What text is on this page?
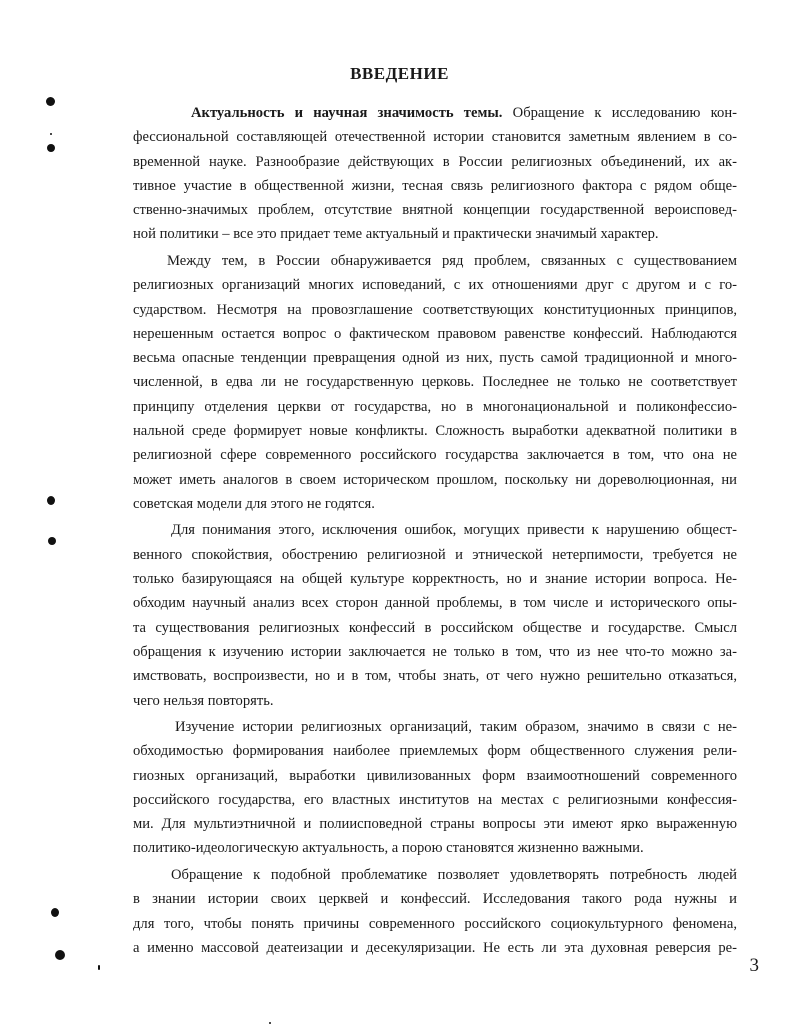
ВВЕДЕНИЕ
Актуальность и научная значимость темы. Обращение к исследованию кон-
фессиональной составляющей отечественной истории становится заметным явлением в со-
временной науке. Разнообразие действующих в России религиозных объединений, их ак-
тивное участие в общественной жизни, тесная связь религиозного фактора с рядом обще-
ственно-значимых проблем, отсутствие внятной концепции государственной вероисповед-
ной политики – все это придает теме актуальный и практически значимый характер.
Между тем, в России обнаруживается ряд проблем, связанных с существованием
религиозных организаций многих исповеданий, с их отношениями друг с другом и с го-
сударством. Несмотря на провозглашение соответствующих конституционных принципов,
нерешенным остается вопрос о фактическом правовом равенстве конфессий. Наблюдаются
весьма опасные тенденции превращения одной из них, пусть самой традиционной и много-
численной, в едва ли не государственную церковь. Последнее не только не соответствует
принципу отделения церкви от государства, но в многонациональной и поликонфессио-
нальной среде формирует новые конфликты. Сложность выработки адекватной политики в
религиозной сфере современного российского государства заключается в том, что она не
может иметь аналогов в своем историческом прошлом, поскольку ни дореволюционная, ни
советская модели для этого не годятся.
Для понимания этого, исключения ошибок, могущих привести к нарушению общест-
венного спокойствия, обострению религиозной и этнической нетерпимости, требуется не
только базирующаяся на общей культуре корректность, но и знание истории вопроса. Не-
обходим научный анализ всех сторон данной проблемы, в том числе и исторического опы-
та существования религиозных конфессий в российском обществе и государстве. Смысл
обращения к изучению истории заключается не только в том, что из нее что-то можно за-
имствовать, воспроизвести, но и в том, чтобы знать, от чего нужно решительно отказаться,
чего нельзя повторять.
Изучение истории религиозных организаций, таким образом, значимо в связи с не-
обходимостью формирования наиболее приемлемых форм общественного служения рели-
гиозных организаций, выработки цивилизованных форм взаимоотношений современного
российского государства, его властных институтов на местах с религиозными конфессия-
ми. Для мультиэтничной и полиисповедной страны вопросы эти имеют ярко выраженную
политико-идеологическую актуальность, а порою становятся жизненно важными.
Обращение к подобной проблематике позволяет удовлетворять потребность людей
в знании истории своих церквей и конфессий. Исследования такого рода нужны и
для того, чтобы понять причины современного российского социокультурного феномена,
а именно массовой деатеизации и десекуляризации. Не есть ли эта духовная реверсия ре-
3
